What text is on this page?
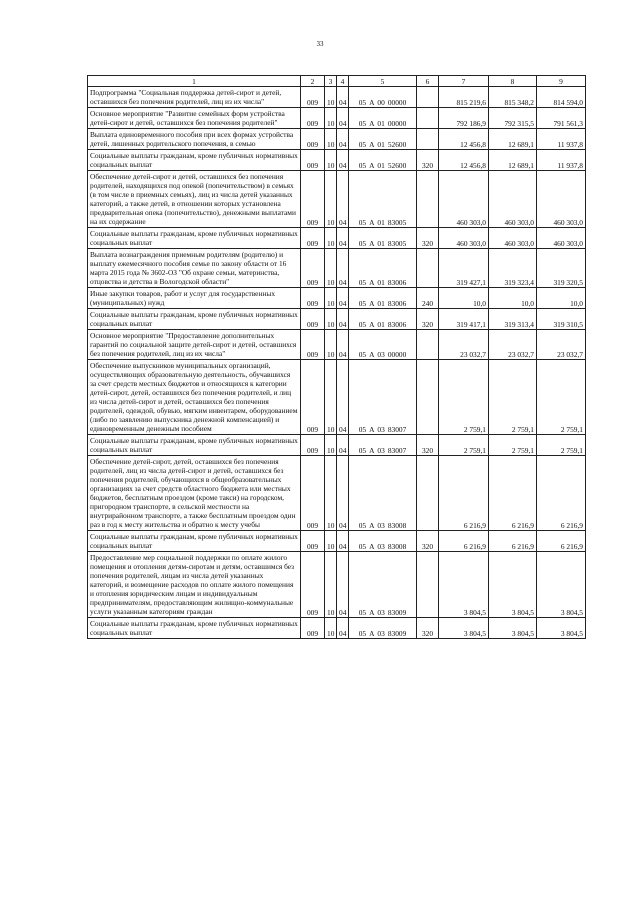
33
1	2	3	4	5	6	7	8	9
Подпрограмма "Социальная поддержка детей-сирот и детей, оставшихся без попечения родителей, лиц из их числа"	009	10	04	05 А 00 00000		815 219,6	815 348,2	814 594,0
Основное мероприятие "Развитие семейных форм устройства детей-сирот и детей, оставшихся без попечения родителей"	009	10	04	05 А 01 00000		792 186,9	792 315,5	791 561,3
Выплата единовременного пособия при всех формах устройства детей, лишенных родительского попечения, в семью	009	10	04	05 А 01 52600		12 456,8	12 689,1	11 937,8
Социальные выплаты гражданам, кроме публичных нормативных социальных выплат	009	10	04	05 А 01 52600	320	12 456,8	12 689,1	11 937,8
Обеспечение детей-сирот и детей, оставшихся без попечения родителей, находящихся под опекой (попечительством) в семьях (в том числе в приемных семьях), лиц из числа детей указанных категорий, а также детей, в отношении которых установлена предварительная опека (попечительство), денежными выплатами на их содержание	009	10	04	05 А 01 83005		460 303,0	460 303,0	460 303,0
Социальные выплаты гражданам, кроме публичных нормативных социальных выплат	009	10	04	05 А 01 83005	320	460 303,0	460 303,0	460 303,0
Выплата вознаграждения приемным родителям (родителю) и выплату ежемесячного пособия семье по закону области от 16 марта 2015 года № 3602-ОЗ "Об охране семьи, материнства, отцовства и детства в Вологодской области"	009	10	04	05 А 01 83006		319 427,1	319 323,4	319 320,5
Иные закупки товаров, работ и услуг для государственных (муниципальных) нужд	009	10	04	05 А 01 83006	240	10,0	10,0	10,0
Социальные выплаты гражданам, кроме публичных нормативных социальных выплат	009	10	04	05 А 01 83006	320	319 417,1	319 313,4	319 310,5
Основное мероприятие "Предоставление дополнительных гарантий по социальной защите детей-сирот и детей, оставшихся без попечения родителей, лиц из их числа"	009	10	04	05 А 03 00000		23 032,7	23 032,7	23 032,7
Обеспечение выпускников муниципальных организаций, осуществляющих образовательную деятельность, обучавшихся за счет средств местных бюджетов и относящихся к категории детей-сирот, детей, оставшихся без попечения родителей, и лиц из числа детей-сирот и детей, оставшихся без попечения родителей, одеждой, обувью, мягким инвентарем, оборудованием (либо по заявлению выпускника денежной компенсацией) и единовременным денежным пособием	009	10	04	05 А 03 83007		2 759,1	2 759,1	2 759,1
Социальные выплаты гражданам, кроме публичных нормативных социальных выплат	009	10	04	05 А 03 83007	320	2 759,1	2 759,1	2 759,1
Обеспечение детей-сирот, детей, оставшихся без попечения родителей, лиц из числа детей-сирот и детей, оставшихся без попечения родителей, обучающихся в общеобразовательных организациях за счет средств областного бюджета или местных бюджетов, бесплатным проездом (кроме такси) на городском, пригородном транспорте, в сельской местности на внутрирайонном транспорте, а также бесплатным проездом один раз в год к месту жительства и обратно к месту учебы	009	10	04	05 А 03 83008		6 216,9	6 216,9	6 216,9
Социальные выплаты гражданам, кроме публичных нормативных социальных выплат	009	10	04	05 А 03 83008	320	6 216,9	6 216,9	6 216,9
Предоставление мер социальной поддержки по оплате жилого помещения и отопления детям-сиротам и детям, оставшимся без попечения родителей, лицам из числа детей указанных категорий, и возмещение расходов по оплате жилого помещения и отопления юридическим лицам и индивидуальным предпринимателям, предоставляющим жилищно-коммунальные услуги указанным категориям граждан	009	10	04	05 А 03 83009		3 804,5	3 804,5	3 804,5
Социальные выплаты гражданам, кроме публичных нормативных социальных выплат	009	10	04	05 А 03 83009	320	3 804,5	3 804,5	3 804,5
